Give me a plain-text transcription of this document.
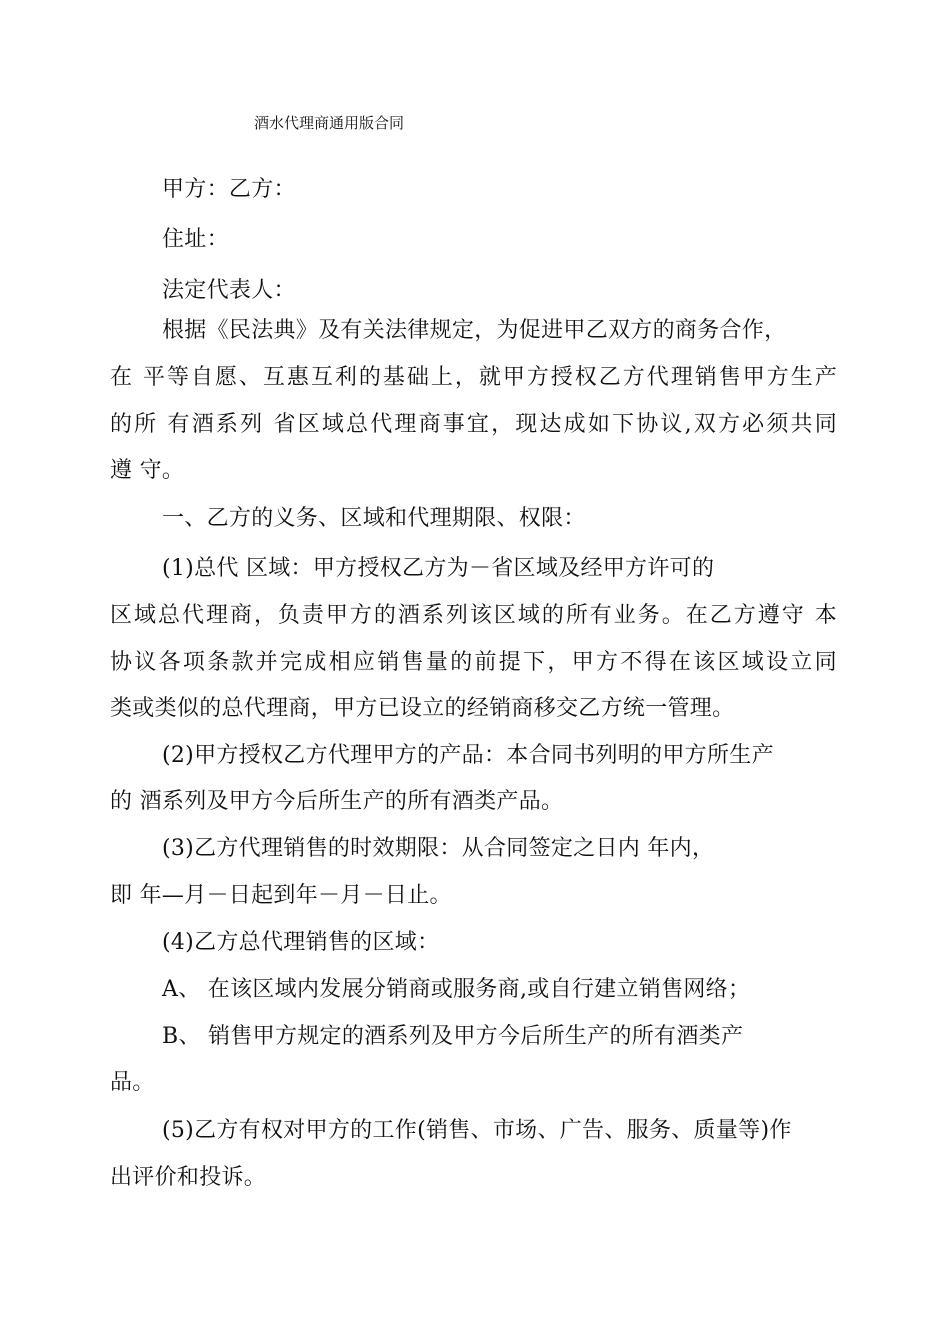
酒水代理商通用版合同
甲方：乙方：
住址：
法定代表人：
根据《民法典》及有关法律规定，为促进甲乙双方的商务合作，
在 平等自愿、互惠互利的基础上，就甲方授权乙方代理销售甲方生产
的所 有酒系列 省区域总代理商事宜，现达成如下协议,双方必须共同
遵 守。
一、乙方的义务、区域和代理期限、权限：
(1)总代 区域：甲方授权乙方为－省区域及经甲方许可的
区域总代理商，负责甲方的酒系列该区域的所有业务。在乙方遵守 本
协议各项条款并完成相应销售量的前提下，甲方不得在该区域设立同
类或类似的总代理商，甲方已设立的经销商移交乙方统一管理。
(2)甲方授权乙方代理甲方的产品：本合同书列明的甲方所生产
的 酒系列及甲方今后所生产的所有酒类产品。
(3)乙方代理销售的时效期限：从合同签定之日内 年内，
即 年—月－日起到年－月－日止。
(4)乙方总代理销售的区域：
A、 在该区域内发展分销商或服务商,或自行建立销售网络；
B、 销售甲方规定的酒系列及甲方今后所生产的所有酒类产
品。
(5)乙方有权对甲方的工作(销售、市场、广告、服务、质量等)作
出评价和投诉。
